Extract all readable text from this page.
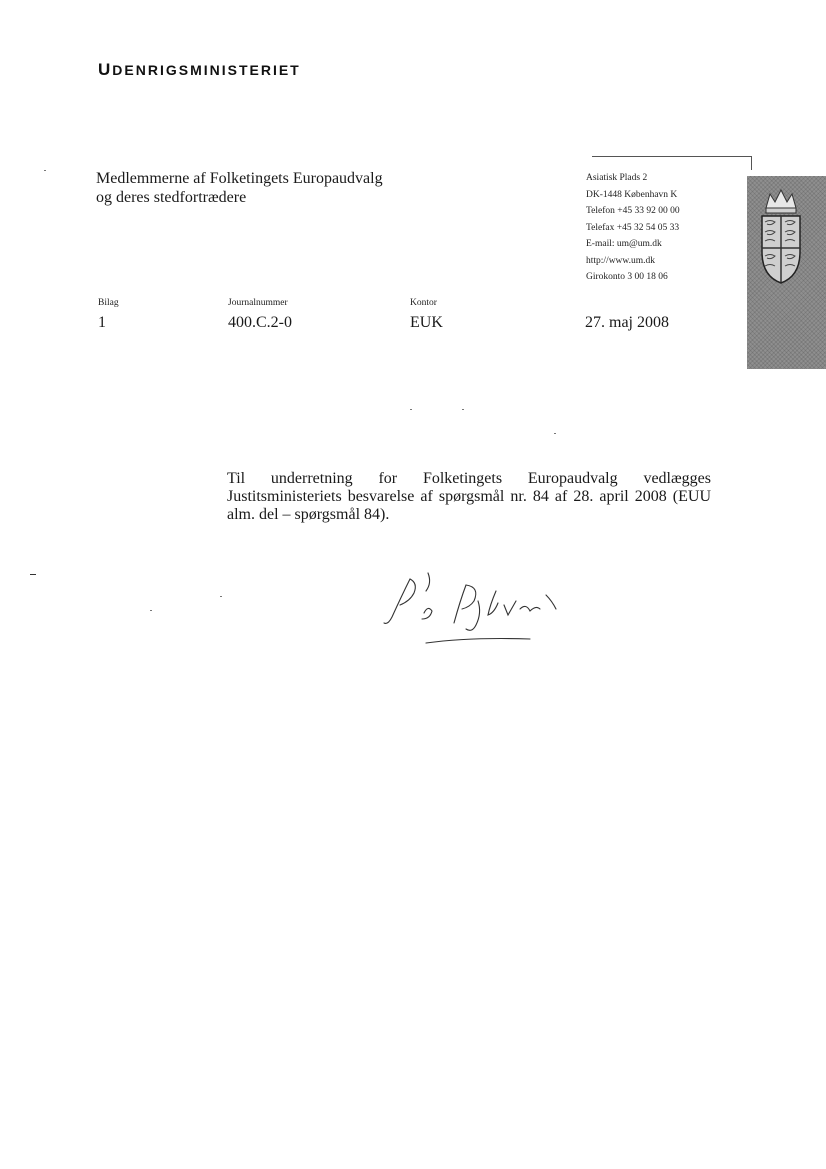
UDENRIGSMINISTERIET
Medlemmerne af Folketingets Europaudvalg
og deres stedfortrædere
Asiatisk Plads 2
DK-1448 København K
Telefon +45 33 92 00 00
Telefax +45 32 54 05 33
E-mail: um@um.dk
http://www.um.dk
Girokonto 3 00 18 06
Bilag
1
Journalnummer
400.C.2-0
Kontor
EUK	27. maj 2008
Til underretning for Folketingets Europaudvalg vedlægges Justitsministeriets besvarelse af spørgsmål nr. 84 af 28. april 2008 (EUU alm. del – spørgsmål 84).
